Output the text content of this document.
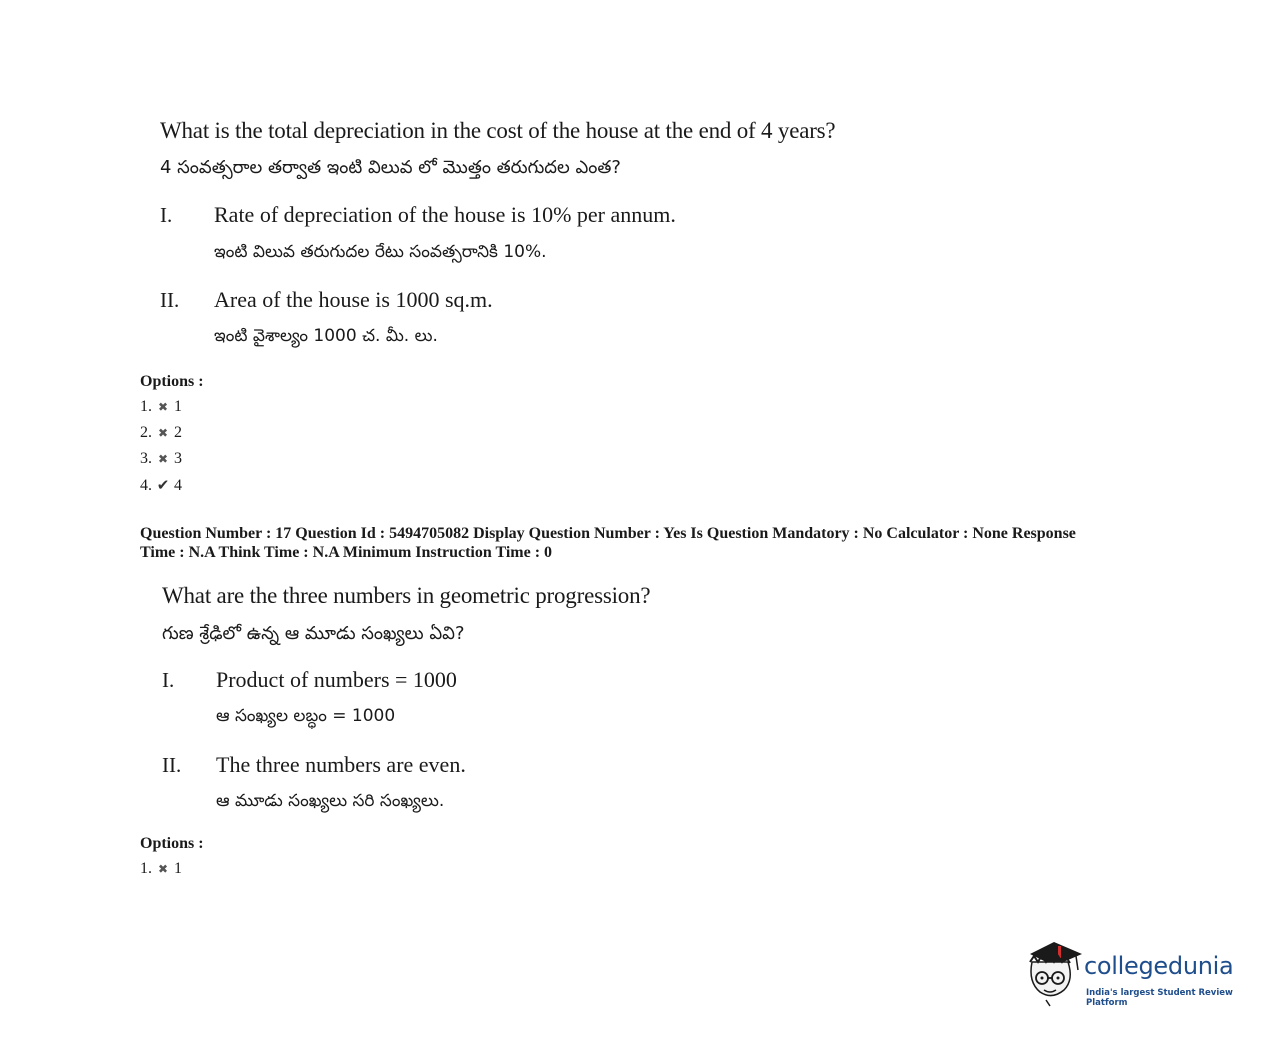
What is the total depreciation in the cost of the house at the end of 4 years?
4 సంవత్సరాల తర్వాత ఇంటి విలువ లో మొత్తం తరుగుదల ఎంత?
I. Rate of depreciation of the house is 10% per annum.
ఇంటి విలువ తరుగుదల రేటు సంవత్సరానికి 10%.
II. Area of the house is 1000 sq.m.
ఇంటి వైశాల్యం 1000 చ. మీ. లు.
Options :
1. ✖ 1
2. ✖ 2
3. ✖ 3
4. ✔ 4
Question Number : 17 Question Id : 5494705082 Display Question Number : Yes Is Question Mandatory : No Calculator : None Response
Time : N.A Think Time : N.A Minimum Instruction Time : 0
What are the three numbers in geometric progression?
గుణ శ్రేఢిలో ఉన్న ఆ మూడు సంఖ్యలు ఏవి?
I. Product of numbers = 1000
ఆ సంఖ్యల లబ్ధం = 1000
II. The three numbers are even.
ఆ మూడు సంఖ్యలు సరి సంఖ్యలు.
Options :
1. ✖ 1
collegedunia
India's largest Student Review Platform
